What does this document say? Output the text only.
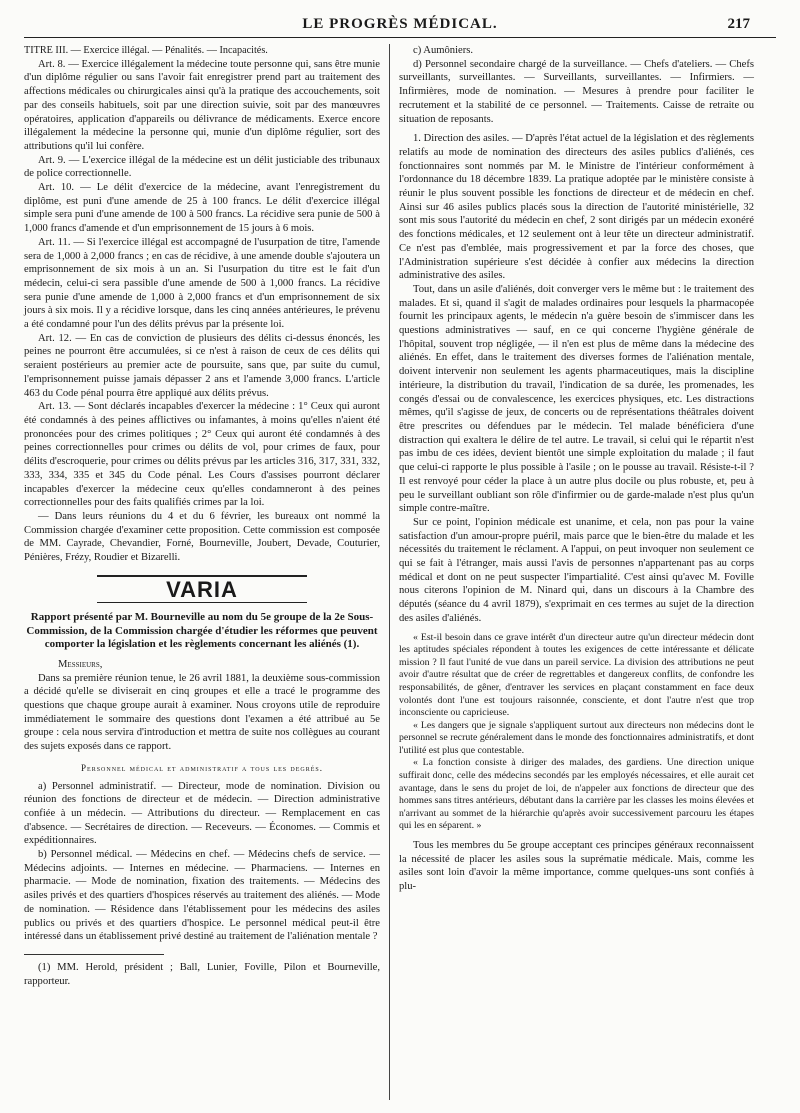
LE PROGRÈS MÉDICAL.	217

TITRE III. — Exercice illégal. — Pénalités. — Incapacités.

Art. 8. — Exercice illégalement la médecine toute personne qui, sans être munie d'un diplôme régulier ou sans l'avoir fait enregistrer prend part au traitement des affections médicales ou chirurgicales ainsi qu'à la pratique des accouchements, soit par des conseils habituels, soit par une direction suivie, soit par des manœuvres opératoires, application d'appareils ou délivrance de médicaments. Exerce encore illégalement la médecine la personne qui, munie d'un diplôme régulier, sort des attributions qu'il lui confère.

Art. 9. — L'exercice illégal de la médecine est un délit justiciable des tribunaux de police correctionnelle.

Art. 10. — Le délit d'exercice de la médecine, avant l'enregistrement du diplôme, est puni d'une amende de 25 à 100 francs. Le délit d'exercice illégal simple sera puni d'une amende de 100 à 500 francs. La récidive sera punie de 500 à 1,000 francs d'amende et d'un emprisonnement de 15 jours à 6 mois.

Art. 11. — Si l'exercice illégal est accompagné de l'usurpation de titre, l'amende sera de 1,000 à 2,000 francs ; en cas de récidive, à une amende double s'ajoutera un emprisonnement de six mois à un an. Si l'usurpation du titre est le fait d'un médecin, celui-ci sera passible d'une amende de 500 à 1,000 francs. La récidive sera punie d'une amende de 1,000 à 2,000 francs et d'un emprisonnement de six jours à six mois. Il y a récidive lorsque, dans les cinq années antérieures, le prévenu a été condamné pour l'un des délits prévus par la présente loi.

Art. 12. — En cas de conviction de plusieurs des délits ci-dessus énoncés, les peines ne pourront être accumulées, si ce n'est à raison de ceux de ces délits qui seraient postérieurs au premier acte de poursuite, sans que, par suite du cumul, l'emprisonnement puisse jamais dépasser 2 ans et l'amende 3,000 francs. L'article 463 du Code pénal pourra être appliqué aux délits prévus.

Art. 13. — Sont déclarés incapables d'exercer la médecine : 1° Ceux qui auront été condamnés à des peines afflictives ou infamantes, à moins qu'elles n'aient été prononcées pour des crimes politiques ; 2° Ceux qui auront été condamnés à des peines correctionnelles pour crimes ou délits de vol, pour crimes de faux, pour délits d'escroquerie, pour crimes ou délits prévus par les articles 316, 317, 331, 332, 333, 334, 335 et 345 du Code pénal. Les Cours d'assises pourront déclarer incapables d'exercer la médecine ceux qu'elles condamneront à des peines correctionnelles pour des faits qualifiés crimes par la loi.

— Dans leurs réunions du 4 et du 6 février, les bureaux ont nommé la Commission chargée d'examiner cette proposition. Cette commission est composée de MM. Cayrade, Chevandier, Forné, Bourneville, Joubert, Devade, Couturier, Pénières, Frézy, Roudier et Bizarelli.

VARIA

Rapport présenté par M. Bourneville au nom du 5e groupe de la 2e Sous-Commission, de la Commission chargée d'étudier les réformes que peuvent comporter la législation et les règlements concernant les aliénés (1).

Messieurs,

Dans sa première réunion tenue, le 26 avril 1881, la deuxième sous-commission a décidé qu'elle se diviserait en cinq groupes et elle a tracé le programme des questions que chaque groupe aurait à examiner. Nous croyons utile de reproduire immédiatement le sommaire des questions dont l'examen a été attribué au 5e groupe : cela nous servira d'introduction et mettra de suite nos collègues au courant des sujets exposés dans ce rapport.

Personnel médical et administratif a tous les degrés.

a) Personnel administratif. — Directeur, mode de nomination. Division ou réunion des fonctions de directeur et de médecin. — Direction administrative confiée à un médecin. — Attributions du directeur. — Remplacement en cas d'absence. — Secrétaires de direction. — Receveurs. — Économes. — Commis et expéditionnaires.

b) Personnel médical. — Médecins en chef. — Médecins chefs de service. — Médecins adjoints. — Internes en médecine. — Pharmaciens. — Internes en pharmacie. — Mode de nomination, fixation des traitements. — Médecins des asiles privés et des quartiers d'hospices réservés au traitement des aliénés. — Mode de nomination. — Résidence dans l'établissement pour les médecins des asiles publics ou privés et des quartiers d'hospice. Le personnel médical peut-il être intéressé dans un établissement privé destiné au traitement de l'aliénation mentale ?

(1) MM. Herold, président ; Ball, Lunier, Foville, Pilon et Bourneville, rapporteur.

c) Aumôniers.

d) Personnel secondaire chargé de la surveillance. — Chefs d'ateliers. — Chefs surveillants, surveillantes. — Surveillants, surveillantes. — Infirmiers. — Infirmières, mode de nomination. — Mesures à prendre pour faciliter le recrutement et la stabilité de ce personnel. — Traitements. Caisse de retraite ou situation de reposants.

1. Direction des asiles. — D'après l'état actuel de la législation et des règlements relatifs au mode de nomination des directeurs des asiles publics d'aliénés, ces fonctionnaires sont nommés par M. le Ministre de l'intérieur conformément à l'ordonnance du 18 décembre 1839. La pratique adoptée par le ministère consiste à réunir le plus souvent possible les fonctions de directeur et de médecin en chef. Ainsi sur 46 asiles publics placés sous la direction de l'autorité ministérielle, 32 sont mis sous l'autorité du médecin en chef, 2 sont dirigés par un médecin exonéré des fonctions médicales, et 12 seulement ont à leur tête un directeur administratif. Ce n'est pas d'emblée, mais progressivement et par la force des choses, que l'Administration supérieure s'est décidée à confier aux médecins la direction administrative des asiles.

Tout, dans un asile d'aliénés, doit converger vers le même but : le traitement des malades. Et si, quand il s'agit de malades ordinaires pour lesquels la pharmacopée fournit les principaux agents, le médecin n'a guère besoin de s'immiscer dans les questions administratives — sauf, en ce qui concerne l'hygiène générale de l'hôpital, souvent trop négligée, — il n'en est plus de même dans la médecine des aliénés. En effet, dans le traitement des diverses formes de l'aliénation mentale, doivent intervenir non seulement les agents pharmaceutiques, mais la discipline intérieure, la distribution du travail, l'indication de sa durée, les promenades, les congés d'essai ou de convalescence, les exercices physiques, etc. Les distractions mêmes, qu'il s'agisse de jeux, de concerts ou de représentations théâtrales doivent être prescrites ou défendues par le médecin. Tel malade bénéficiera d'une distraction qui exaltera le délire de tel autre. Le travail, si celui qui le répartit n'est pas imbu de ces idées, devient bientôt une simple exploitation du malade ; il faut que celui-ci rapporte le plus possible à l'asile ; on le pousse au travail. Résiste-t-il ? Il est renvoyé pour céder la place à un autre plus docile ou plus robuste, et, peu à peu le surveillant oubliant son rôle d'infirmier ou de garde-malade n'est plus qu'un simple contre-maître.

Sur ce point, l'opinion médicale est unanime, et cela, non pas pour la vaine satisfaction d'un amour-propre puéril, mais parce que le bien-être du malade et les nécessités du traitement le réclament. A l'appui, on peut invoquer non seulement ce qui se fait à l'étranger, mais aussi l'avis de personnes n'appartenant pas au corps médical et dont on ne peut suspecter l'impartialité. C'est ainsi qu'avec M. Foville nous citerons l'opinion de M. Ninard qui, dans un discours à la Chambre des députés (séance du 4 avril 1879), s'exprimait en ces termes au sujet de la direction des asiles d'aliénés.

« Est-il besoin dans ce grave intérêt d'un directeur autre qu'un directeur médecin dont les aptitudes spéciales répondent à toutes les exigences de cette intéressante et délicate mission ? Il faut l'unité de vue dans un pareil service. La division des attributions ne peut avoir d'autre résultat que de créer de regrettables et dangereux conflits, de confondre les responsabilités, de gêner, d'entraver les services en plaçant constamment en face deux volontés dont l'une est toujours raisonnée, consciente, et dont l'autre n'est que trop inconsciente ou capricieuse.

« Les dangers que je signale s'appliquent surtout aux directeurs non médecins dont le personnel se recrute généralement dans le monde des fonctionnaires administratifs, et dont l'utilité est plus que contestable.

« La fonction consiste à diriger des malades, des gardiens. Une direction unique suffirait donc, celle des médecins secondés par les employés nécessaires, et elle aurait cet avantage, dans le sens du projet de loi, de n'appeler aux fonctions de directeur que des hommes sans titres antérieurs, débutant dans la carrière par les classes les moins élevées et n'arrivant au sommet de la hiérarchie qu'après avoir successivement parcouru les étapes qui les en séparent. »

Tous les membres du 5e groupe acceptant ces principes généraux reconnaissent la nécessité de placer les asiles sous la suprématie médicale. Mais, comme les asiles sont loin d'avoir la même importance, comme quelques-uns sont confiés à plu-
